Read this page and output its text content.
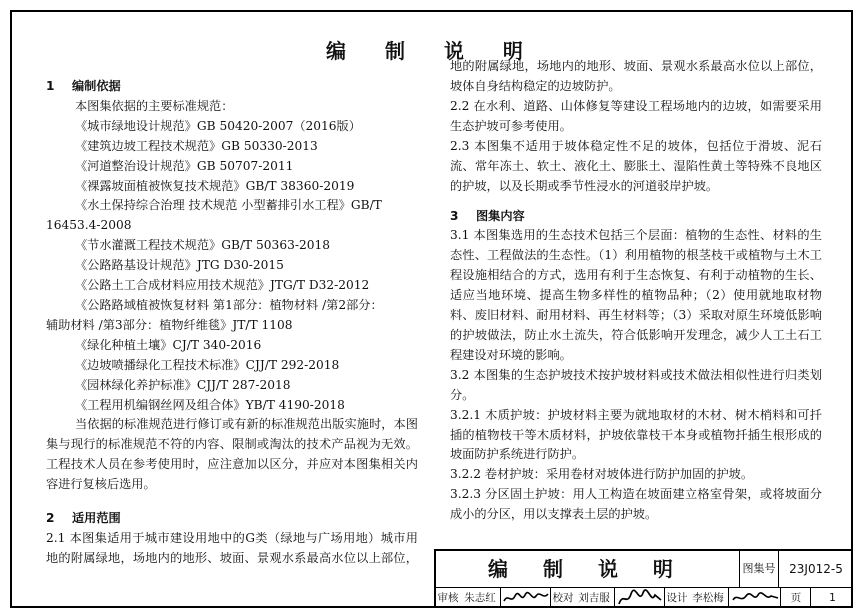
编 制 说 明

1 编制依据

本图集依据的主要标准规范：

《城市绿地设计规范》GB 50420-2007（2016版）

《建筑边坡工程技术规范》GB 50330-2013

《河道整治设计规范》GB 50707-2011

《裸露坡面植被恢复技术规范》GB/T 38360-2019

《水土保持综合治理 技术规范 小型蓄排引水工程》GB/T

16453.4-2008

《节水灌溉工程技术规范》GB/T 50363-2018

《公路路基设计规范》JTG D30-2015

《公路土工合成材料应用技术规范》JTG/T D32-2012

《公路路域植被恢复材料 第1部分：植物材料 /第2部分：

辅助材料 /第3部分：植物纤维毯》JT/T 1108

《绿化种植土壤》CJ/T 340-2016

《边坡喷播绿化工程技术标准》CJJ/T 292-2018

《园林绿化养护标准》CJJ/T 287-2018

《工程用机编钢丝网及组合体》YB/T 4190-2018

当依据的标准规范进行修订或有新的标准规范出版实施时，本图集与现行的标准规范不符的内容、限制或淘汰的技术产品视为无效。工程技术人员在参考使用时，应注意加以区分，并应对本图集相关内容进行复核后选用。

2 适用范围

2.1 本图集适用于城市建设用地中的G类（绿地与广场用地）城市用地的附属绿地，场地内的地形、坡面、景观水系最高水位以上部位，

地的附属绿地，场地内的地形、坡面、景观水系最高水位以上部位，坡体自身结构稳定的边坡防护。

2.2 在水利、道路、山体修复等建设工程场地内的边坡，如需要采用生态护坡可参考使用。

2.3 本图集不适用于坡体稳定性不足的坡体，包括位于滑坡、泥石流、常年冻土、软土、液化土、膨胀土、湿陷性黄土等特殊不良地区的护坡，以及长期或季节性浸水的河道驳岸护坡。

3 图集内容

3.1 本图集选用的生态技术包括三个层面：植物的生态性、材料的生态性、工程做法的生态性。（1）利用植物的根茎枝干或植物与土木工程设施相结合的方式，选用有利于生态恢复、有利于动植物的生长、适应当地环境、提高生物多样性的植物品种；（2）使用就地取材物料、废旧材料、耐用材料、再生材料等；（3）采取对原生环境低影响的护坡做法，防止水土流失，符合低影响开发理念，减少人工土石工程建设对环境的影响。

3.2 本图集的生态护坡技术按护坡材料或技术做法相似性进行归类划分。

3.2.1 木质护坡：护坡材料主要为就地取材的木材、树木梢料和可扦插的植物枝干等木质材料，护坡依靠枝干本身或植物扦插生根形成的坡面防护系统进行防护。

3.2.2 卷材护坡：采用卷材对坡体进行防护加固的护坡。

3.2.3 分区固土护坡：用人工构造在坡面建立格室骨架，或将坡面分成小的分区，用以支撑表土层的护坡。

编 制 说 明	图集号	23J012-5
审核 朱志红	校对 刘吉服	设计 李松梅	页	1
